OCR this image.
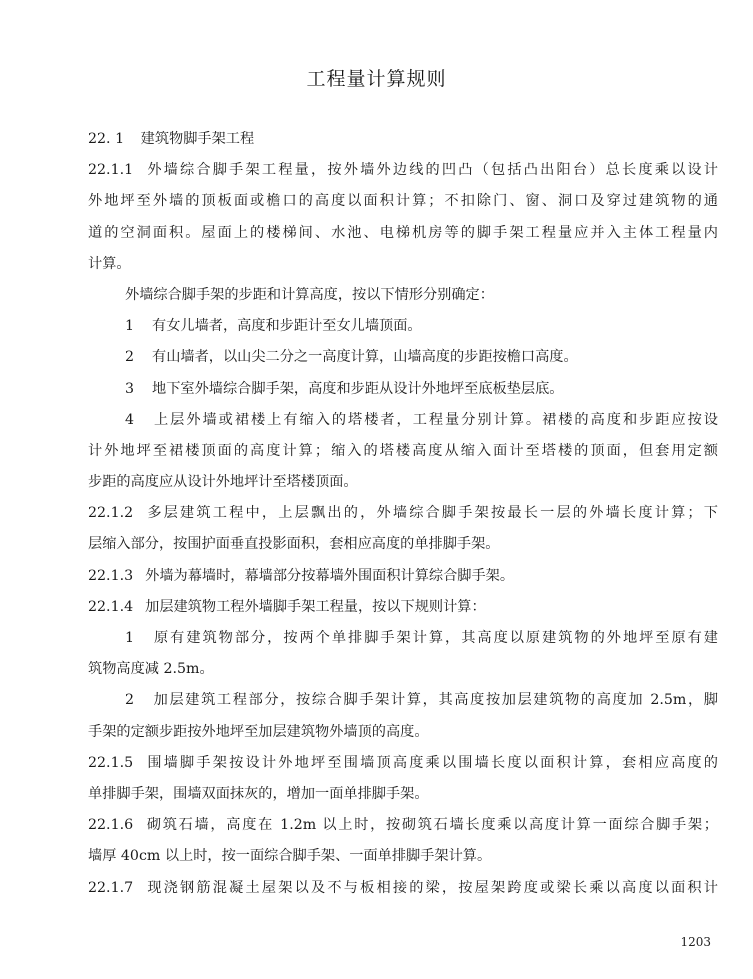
工程量计算规则
22. 1 建筑物脚手架工程
22.1.1 外墙综合脚手架工程量，按外墙外边线的凹凸（包括凸出阳台）总长度乘以设计
外地坪至外墙的顶板面或檐口的高度以面积计算；不扣除门、窗、洞口及穿过建筑物的通
道的空洞面积。屋面上的楼梯间、水池、电梯机房等的脚手架工程量应并入主体工程量内
计算。
外墙综合脚手架的步距和计算高度，按以下情形分别确定：
1 有女儿墙者，高度和步距计至女儿墙顶面。
2 有山墙者，以山尖二分之一高度计算，山墙高度的步距按檐口高度。
3 地下室外墙综合脚手架，高度和步距从设计外地坪至底板垫层底。
4 上层外墙或裙楼上有缩入的塔楼者，工程量分别计算。裙楼的高度和步距应按设
计外地坪至裙楼顶面的高度计算；缩入的塔楼高度从缩入面计至塔楼的顶面，但套用定额
步距的高度应从设计外地坪计至塔楼顶面。
22.1.2 多层建筑工程中，上层飘出的，外墙综合脚手架按最长一层的外墙长度计算；下
层缩入部分，按围护面垂直投影面积，套相应高度的单排脚手架。
22.1.3 外墙为幕墙时，幕墙部分按幕墙外围面积计算综合脚手架。
22.1.4 加层建筑物工程外墙脚手架工程量，按以下规则计算：
1 原有建筑物部分，按两个单排脚手架计算，其高度以原建筑物的外地坪至原有建
筑物高度减 2.5m。
2 加层建筑工程部分，按综合脚手架计算，其高度按加层建筑物的高度加 2.5m，脚
手架的定额步距按外地坪至加层建筑物外墙顶的高度。
22.1.5 围墙脚手架按设计外地坪至围墙顶高度乘以围墙长度以面积计算，套相应高度的
单排脚手架，围墙双面抹灰的，增加一面单排脚手架。
22.1.6 砌筑石墙，高度在 1.2m 以上时，按砌筑石墙长度乘以高度计算一面综合脚手架；
墙厚 40cm 以上时，按一面综合脚手架、一面单排脚手架计算。
22.1.7 现浇钢筋混凝土屋架以及不与板相接的梁，按屋架跨度或梁长乘以高度以面积计
1203
